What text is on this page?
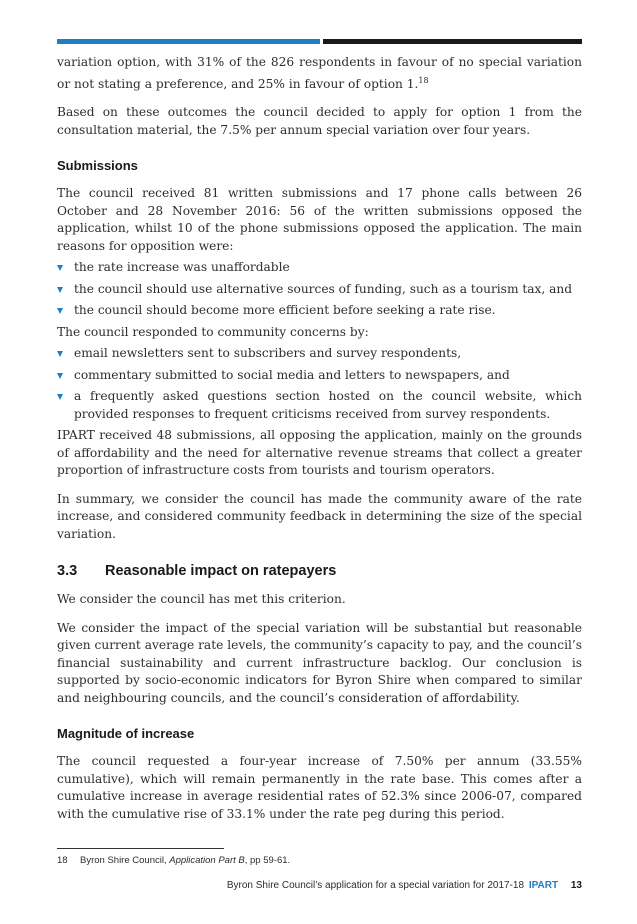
variation option, with 31% of the 826 respondents in favour of no special variation or not stating a preference, and 25% in favour of option 1.18

Based on these outcomes the council decided to apply for option 1 from the consultation material, the 7.5% per annum special variation over four years.

Submissions

The council received 81 written submissions and 17 phone calls between 26 October and 28 November 2016: 56 of the written submissions opposed the application, whilst 10 of the phone submissions opposed the application. The main reasons for opposition were:

the rate increase was unaffordable
the council should use alternative sources of funding, such as a tourism tax, and
the council should become more efficient before seeking a rate rise.

The council responded to community concerns by:

email newsletters sent to subscribers and survey respondents,
commentary submitted to social media and letters to newspapers, and
a frequently asked questions section hosted on the council website, which provided responses to frequent criticisms received from survey respondents.

IPART received 48 submissions, all opposing the application, mainly on the grounds of affordability and the need for alternative revenue streams that collect a greater proportion of infrastructure costs from tourists and tourism operators.

In summary, we consider the council has made the community aware of the rate increase, and considered community feedback in determining the size of the special variation.

3.3	Reasonable impact on ratepayers

We consider the council has met this criterion.

We consider the impact of the special variation will be substantial but reasonable given current average rate levels, the community’s capacity to pay, and the council’s financial sustainability and current infrastructure backlog. Our conclusion is supported by socio-economic indicators for Byron Shire when compared to similar and neighbouring councils, and the council’s consideration of affordability.

Magnitude of increase

The council requested a four-year increase of 7.50% per annum (33.55% cumulative), which will remain permanently in the rate base. This comes after a cumulative increase in average residential rates of 52.3% since 2006-07, compared with the cumulative rise of 33.1% under the rate peg during this period.

18 Byron Shire Council, Application Part B, pp 59-61.
Byron Shire Council’s application for a special variation for 2017-18 IPART 13
